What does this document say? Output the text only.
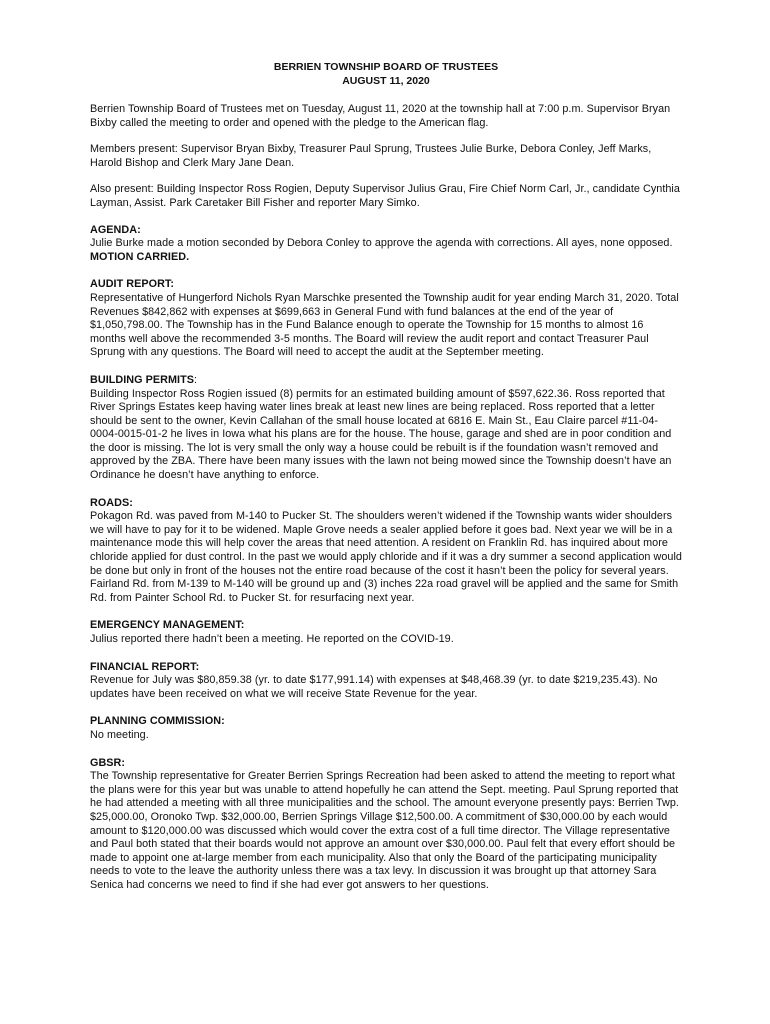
BERRIEN TOWNSHIP BOARD OF TRUSTEES
AUGUST 11, 2020

Berrien Township Board of Trustees met on Tuesday, August 11, 2020 at the township hall at 7:00 p.m. Supervisor Bryan Bixby called the meeting to order and opened with the pledge to the American flag.

Members present: Supervisor Bryan Bixby, Treasurer Paul Sprung, Trustees Julie Burke, Debora Conley, Jeff Marks, Harold Bishop and Clerk Mary Jane Dean.

Also present: Building Inspector Ross Rogien, Deputy Supervisor Julius Grau, Fire Chief Norm Carl, Jr., candidate Cynthia Layman, Assist. Park Caretaker Bill Fisher and reporter Mary Simko.

AGENDA:
Julie Burke made a motion seconded by Debora Conley to approve the agenda with corrections. All ayes, none opposed. MOTION CARRIED.

AUDIT REPORT:
Representative of Hungerford Nichols Ryan Marschke presented the Township audit for year ending March 31, 2020. Total Revenues $842,862 with expenses at $699,663 in General Fund with fund balances at the end of the year of $1,050,798.00. The Township has in the Fund Balance enough to operate the Township for 15 months to almost 16 months well above the recommended 3-5 months. The Board will review the audit report and contact Treasurer Paul Sprung with any questions. The Board will need to accept the audit at the September meeting.

BUILDING PERMITS:
Building Inspector Ross Rogien issued (8) permits for an estimated building amount of $597,622.36. Ross reported that River Springs Estates keep having water lines break at least new lines are being replaced. Ross reported that a letter should be sent to the owner, Kevin Callahan of the small house located at 6816 E. Main St., Eau Claire parcel #11-04-0004-0015-01-2 he lives in Iowa what his plans are for the house. The house, garage and shed are in poor condition and the door is missing. The lot is very small the only way a house could be rebuilt is if the foundation wasn’t removed and approved by the ZBA. There have been many issues with the lawn not being mowed since the Township doesn’t have an Ordinance he doesn’t have anything to enforce.

ROADS:
Pokagon Rd. was paved from M-140 to Pucker St. The shoulders weren’t widened if the Township wants wider shoulders we will have to pay for it to be widened. Maple Grove needs a sealer applied before it goes bad. Next year we will be in a maintenance mode this will help cover the areas that need attention. A resident on Franklin Rd. has inquired about more chloride applied for dust control. In the past we would apply chloride and if it was a dry summer a second application would be done but only in front of the houses not the entire road because of the cost it hasn’t been the policy for several years. Fairland Rd. from M-139 to M-140 will be ground up and (3) inches 22a road gravel will be applied and the same for Smith Rd. from Painter School Rd. to Pucker St. for resurfacing next year.

EMERGENCY MANAGEMENT:
Julius reported there hadn’t been a meeting. He reported on the COVID-19.

FINANCIAL REPORT:
Revenue for July was $80,859.38 (yr. to date $177,991.14) with expenses at $48,468.39 (yr. to date $219,235.43). No updates have been received on what we will receive State Revenue for the year.

PLANNING COMMISSION:
No meeting.

GBSR:
The Township representative for Greater Berrien Springs Recreation had been asked to attend the meeting to report what the plans were for this year but was unable to attend hopefully he can attend the Sept. meeting. Paul Sprung reported that he had attended a meeting with all three municipalities and the school. The amount everyone presently pays: Berrien Twp. $25,000.00, Oronoko Twp. $32,000.00, Berrien Springs Village $12,500.00. A commitment of $30,000.00 by each would amount to $120,000.00 was discussed which would cover the extra cost of a full time director. The Village representative and Paul both stated that their boards would not approve an amount over $30,000.00. Paul felt that every effort should be made to appoint one at-large member from each municipality. Also that only the Board of the participating municipality needs to vote to the leave the authority unless there was a tax levy. In discussion it was brought up that attorney Sara Senica had concerns we need to find if she had ever got answers to her questions.
